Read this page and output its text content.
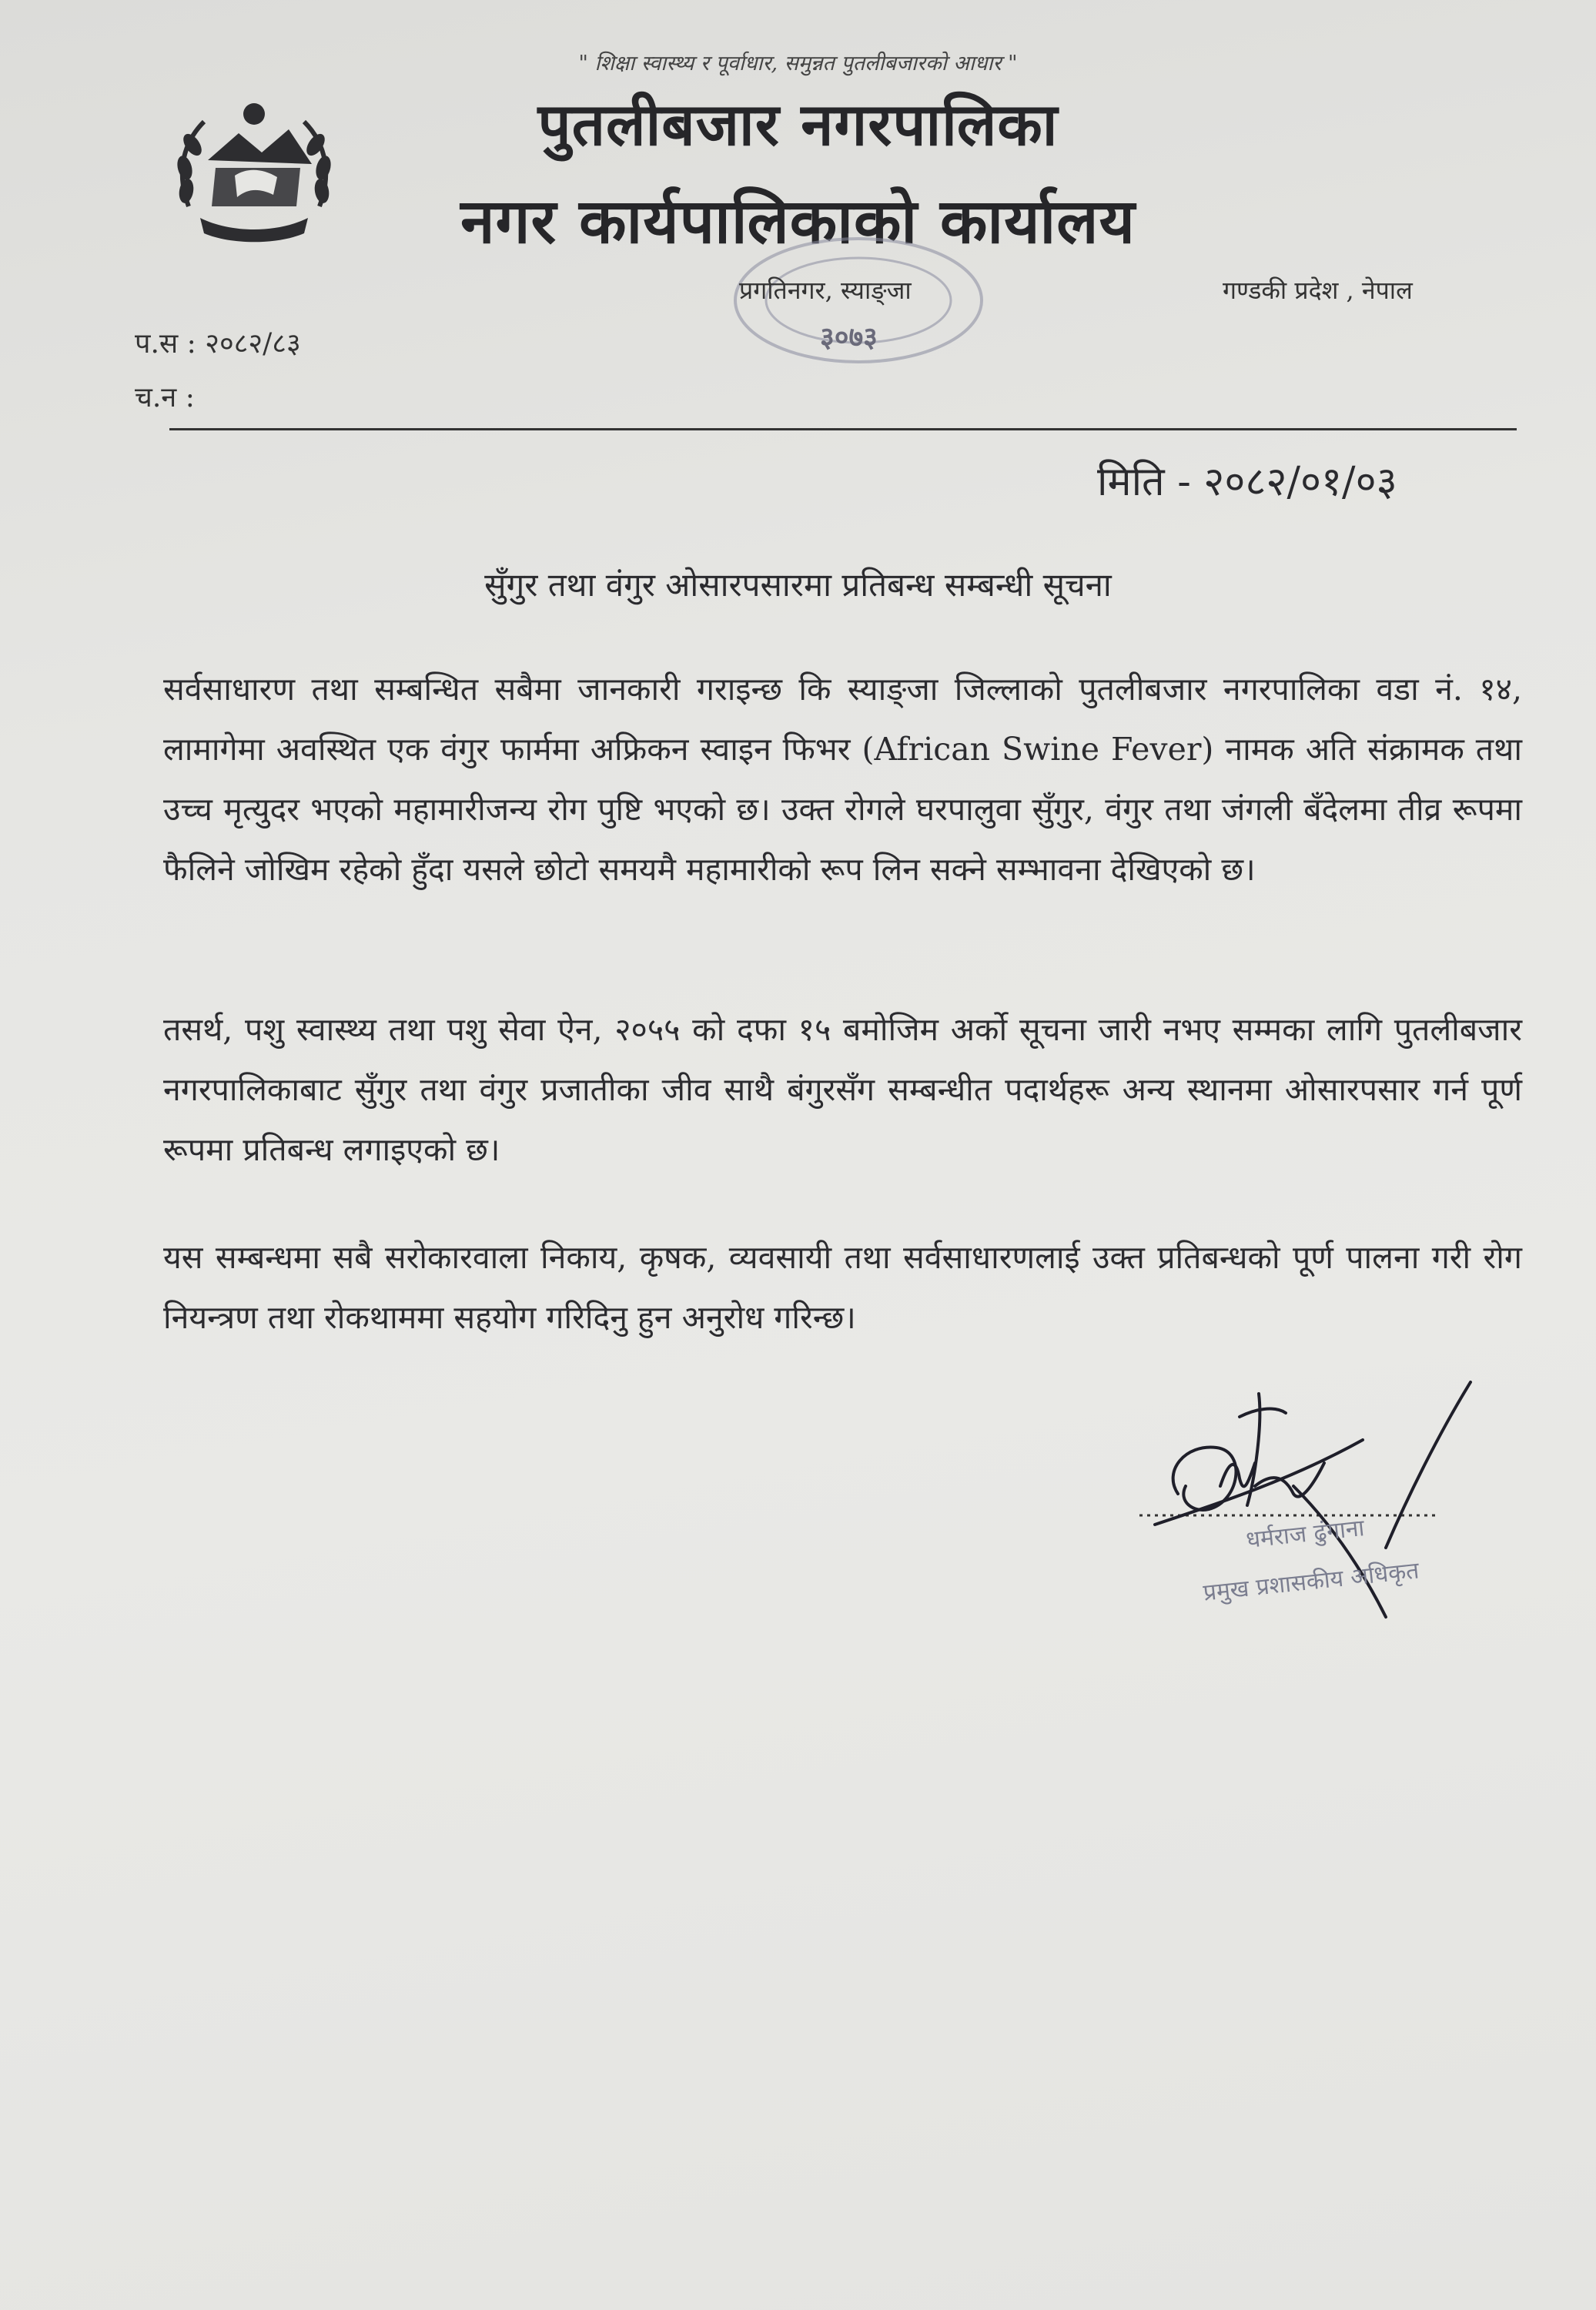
" शिक्षा स्वास्थ्य र पूर्वाधार, समुन्नत पुतलीबजारको आधार "
पुतलीबजार नगरपालिका
नगर कार्यपालिकाको कार्यालय
प्रगतिनगर, स्याङ्जा	गण्डकी प्रदेश , नेपाल
३०७३
प.स : २०८२/८३
च.न :
मिति - २०८२/०१/०३
सुँगुर तथा वंगुर ओसारपसारमा प्रतिबन्ध सम्बन्धी सूचना
सर्वसाधारण तथा सम्बन्धित सबैमा जानकारी गराइन्छ कि स्याङ्जा जिल्लाको पुतलीबजार नगरपालिका वडा नं. १४, लामागेमा अवस्थित एक वंगुर फार्ममा अफ्रिकन स्वाइन फिभर (African Swine Fever) नामक अति संक्रामक तथा उच्च मृत्युदर भएको महामारीजन्य रोग पुष्टि भएको छ। उक्त रोगले घरपालुवा सुँगुर, वंगुर तथा जंगली बँदेलमा तीव्र रूपमा फैलिने जोखिम रहेको हुँदा यसले छोटो समयमै महामारीको रूप लिन सक्ने सम्भावना देखिएको छ।
तसर्थ, पशु स्वास्थ्य तथा पशु सेवा ऐन, २०५५ को दफा १५ बमोजिम अर्को सूचना जारी नभए सम्मका लागि पुतलीबजार नगरपालिकाबाट सुँगुर तथा वंगुर प्रजातीका जीव साथै बंगुरसँग सम्बन्धीत पदार्थहरू अन्य स्थानमा ओसारपसार गर्न पूर्ण रूपमा प्रतिबन्ध लगाइएको छ।
यस सम्बन्धमा सबै सरोकारवाला निकाय, कृषक, व्यवसायी तथा सर्वसाधारणलाई उक्त प्रतिबन्धको पूर्ण पालना गरी रोग नियन्त्रण तथा रोकथाममा सहयोग गरिदिनु हुन अनुरोध गरिन्छ।
धर्मराज ढुंगाना
प्रमुख प्रशासकीय अधिकृत
